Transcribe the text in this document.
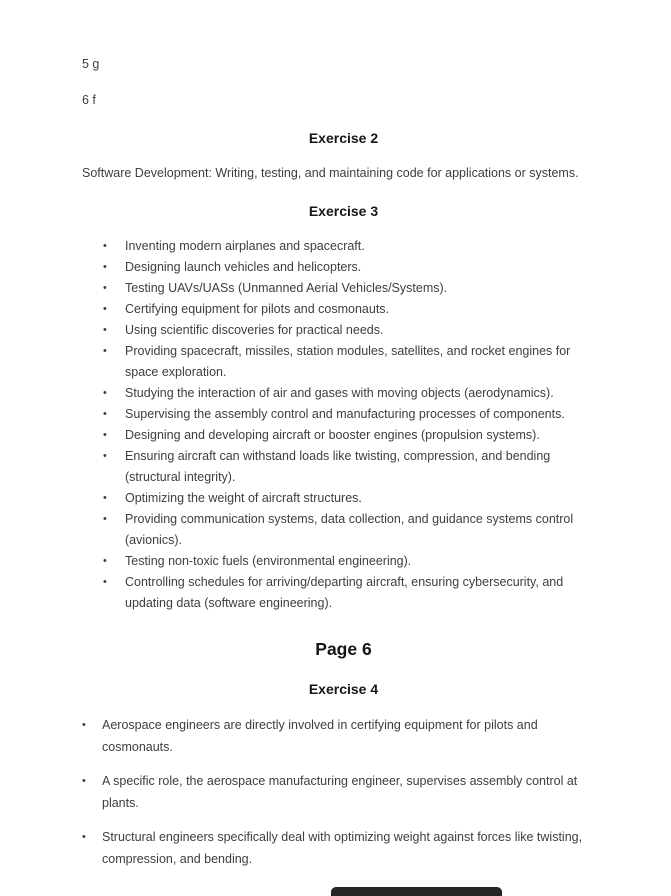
5 g

6 f

Exercise 2

Software Development: Writing, testing, and maintaining code for applications or systems.

Exercise 3
•	Inventing modern airplanes and spacecraft.
•	Designing launch vehicles and helicopters.
•	Testing UAVs/UASs (Unmanned Aerial Vehicles/Systems).
•	Certifying equipment for pilots and cosmonauts.
•	Using scientific discoveries for practical needs.
•	Providing spacecraft, missiles, station modules, satellites, and rocket engines for space exploration.
•	Studying the interaction of air and gases with moving objects (aerodynamics).
•	Supervising the assembly control and manufacturing processes of components.
•	Designing and developing aircraft or booster engines (propulsion systems).
•	Ensuring aircraft can withstand loads like twisting, compression, and bending (structural integrity).
•	Optimizing the weight of aircraft structures.
•	Providing communication systems, data collection, and guidance systems control (avionics).
•	Testing non-toxic fuels (environmental engineering).
•	Controlling schedules for arriving/departing aircraft, ensuring cybersecurity, and updating data (software engineering).
Page 6
Exercise 4
•	Aerospace engineers are directly involved in certifying equipment for pilots and cosmonauts.
•	A specific role, the aerospace manufacturing engineer, supervises assembly control at plants.
•	Structural engineers specifically deal with optimizing weight against forces like twisting, compression, and bending.
